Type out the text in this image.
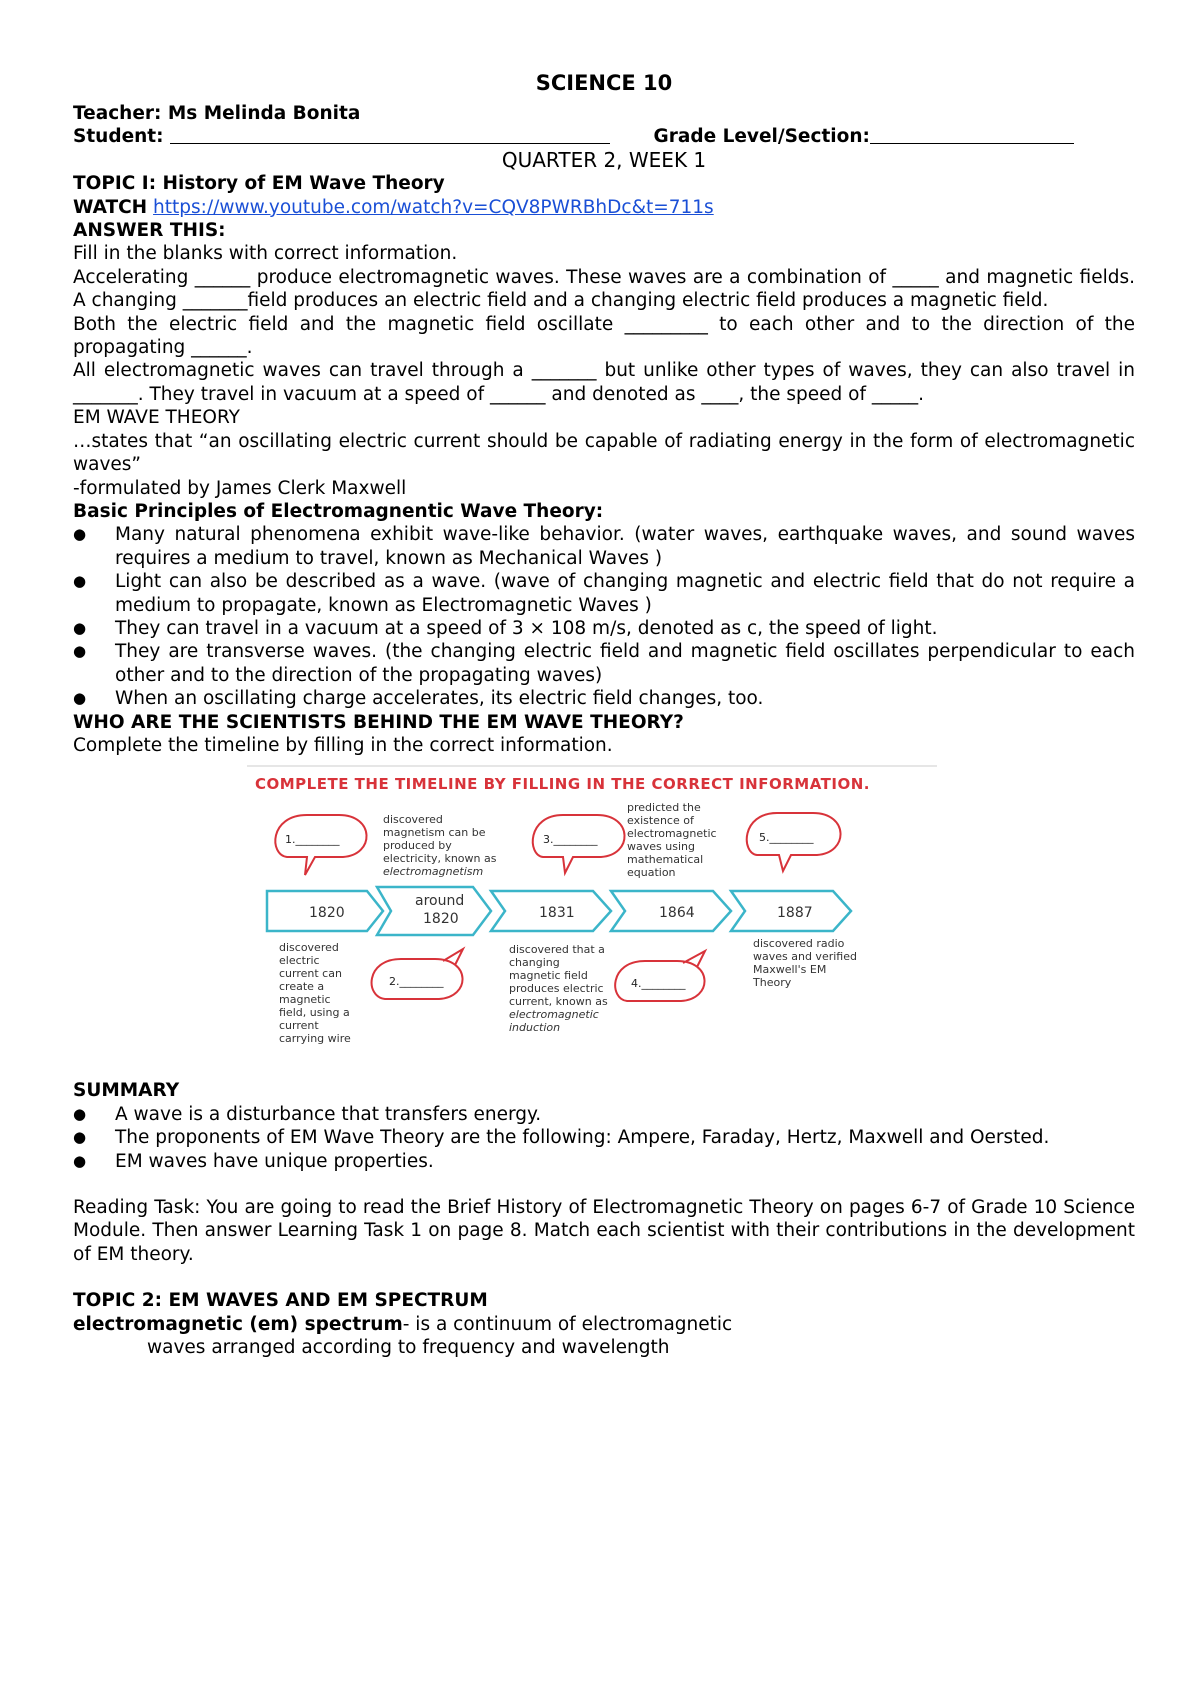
SCIENCE 10

Teacher: Ms Melinda Bonita

Student:	Grade Level/Section:

QUARTER 2, WEEK 1

TOPIC I: History of EM Wave Theory

WATCH https://www.youtube.com/watch?v=CQV8PWRBhDc&t=711s

ANSWER THIS:

Fill in the blanks with correct information.

Accelerating ______ produce electromagnetic waves. These waves are a combination of _____ and magnetic fields. A changing _______field produces an electric field and a changing electric field produces a magnetic field.

Both the electric field and the magnetic field oscillate _________ to each other and to the direction of the propagating ______.

All electromagnetic waves can travel through a _______ but unlike other types of waves, they can also travel in _______. They travel in vacuum at a speed of ______ and denoted as ____, the speed of _____.

EM WAVE THEORY

…states that “an oscillating electric current should be capable of radiating energy in the form of electromagnetic waves”

-formulated by James Clerk Maxwell

Basic Principles of Electromagnentic Wave Theory:

● Many natural phenomena exhibit wave-like behavior. (water waves, earthquake waves, and sound waves requires a medium to travel, known as Mechanical Waves )
● Light can also be described as a wave. (wave of changing magnetic and electric field that do not require a medium to propagate, known as Electromagnetic Waves )
● They can travel in a vacuum at a speed of 3 × 108 m/s, denoted as c, the speed of light.
● They are transverse waves. (the changing electric field and magnetic field oscillates perpendicular to each other and to the direction of the propagating waves)
● When an oscillating charge accelerates, its electric field changes, too.

WHO ARE THE SCIENTISTS BEHIND THE EM WAVE THEORY?

Complete the timeline by filling in the correct information.

COMPLETE THE TIMELINE BY FILLING IN THE CORRECT INFORMATION.
1.________	3.________	5.________
2.________	4.________
1820
around
1820	1831	1864	1887
discovered
magnetism can be
produced by
electricity, known as
electromagnetism
predicted the
existence of
electromagnetic
waves using
mathematical
equation
discovered
electric
current can
create a
magnetic
field, using a
current
carrying wire
discovered that a
changing
magnetic field
produces electric
current, known as
electromagnetic
induction
discovered radio
waves and verified
Maxwell's EM
Theory

SUMMARY

● A wave is a disturbance that transfers energy.
● The proponents of EM Wave Theory are the following: Ampere, Faraday, Hertz, Maxwell and Oersted.
● EM waves have unique properties.

Reading Task: You are going to read the Brief History of Electromagnetic Theory on pages 6-7 of Grade 10 Science Module. Then answer Learning Task 1 on page 8. Match each scientist with their contributions in the development of EM theory.

TOPIC 2: EM WAVES AND EM SPECTRUM

electromagnetic (em) spectrum- is a continuum of electromagnetic

waves arranged according to frequency and wavelength
